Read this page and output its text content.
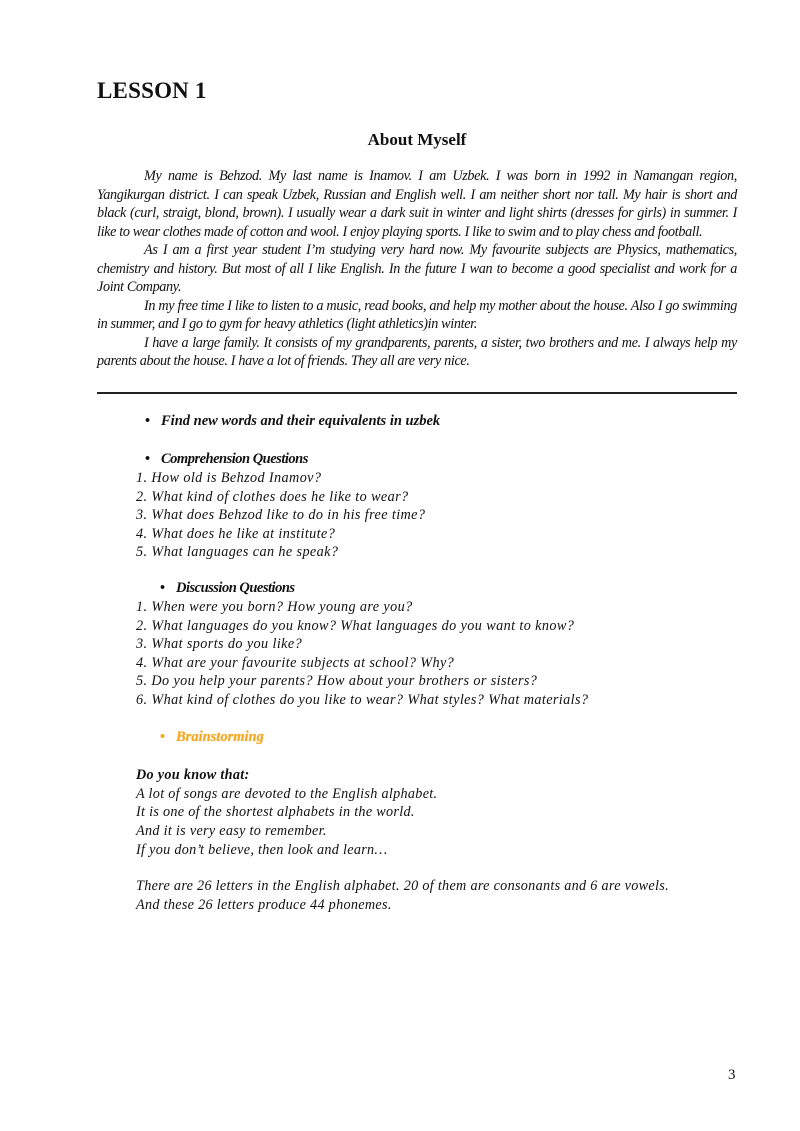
LESSON 1
About Myself

My name is Behzod. My last name is Inamov. I am Uzbek. I was born in 1992 in Namangan region, Yangikurgan district. I can speak Uzbek, Russian and English well. I am neither short nor tall. My hair is short and black (curl, straigt, blond, brown). I usually wear a dark suit in winter and light shirts (dresses for girls) in summer. I like to wear clothes made of cotton and wool. I enjoy playing sports. I like to swim and to play chess and football.

As I am a first year student I’m studying very hard now. My favourite subjects are Physics, mathematics, chemistry and history. But most of all I like English. In the future I wan to become a good specialist and work for a Joint Company.

In my free time I like to listen to a music, read books, and help my mother about the house. Also I go swimming in summer, and I go to gym for heavy athletics (light athletics)in winter.

I have a large family. It consists of my grandparents, parents, a sister, two brothers and me. I always help my parents about the house. I have a lot of friends. They all are very nice.

• Find new words and their equivalents in uzbek
• Comprehension Questions
1. How old is Behzod Inamov?
2. What kind of clothes does he like to wear?
3. What does Behzod like to do in his free time?
4. What does he like at institute?
5. What languages can he speak?
• Discussion Questions
1. When were you born? How young are you?
2. What languages do you know? What languages do you want to know?
3. What sports do you like?
4. What are your favourite subjects at school? Why?
5. Do you help your parents? How about your brothers or sisters?
6. What kind of clothes do you like to wear? What styles? What materials?
• Brainstorming
Do you know that:
A lot of songs are devoted to the English alphabet.
It is one of the shortest alphabets in the world.
And it is very easy to remember.
If you don’t believe, then look and learn…
There are 26 letters in the English alphabet. 20 of them are consonants and 6 are vowels.
And these 26 letters produce 44 phonemes.
3
